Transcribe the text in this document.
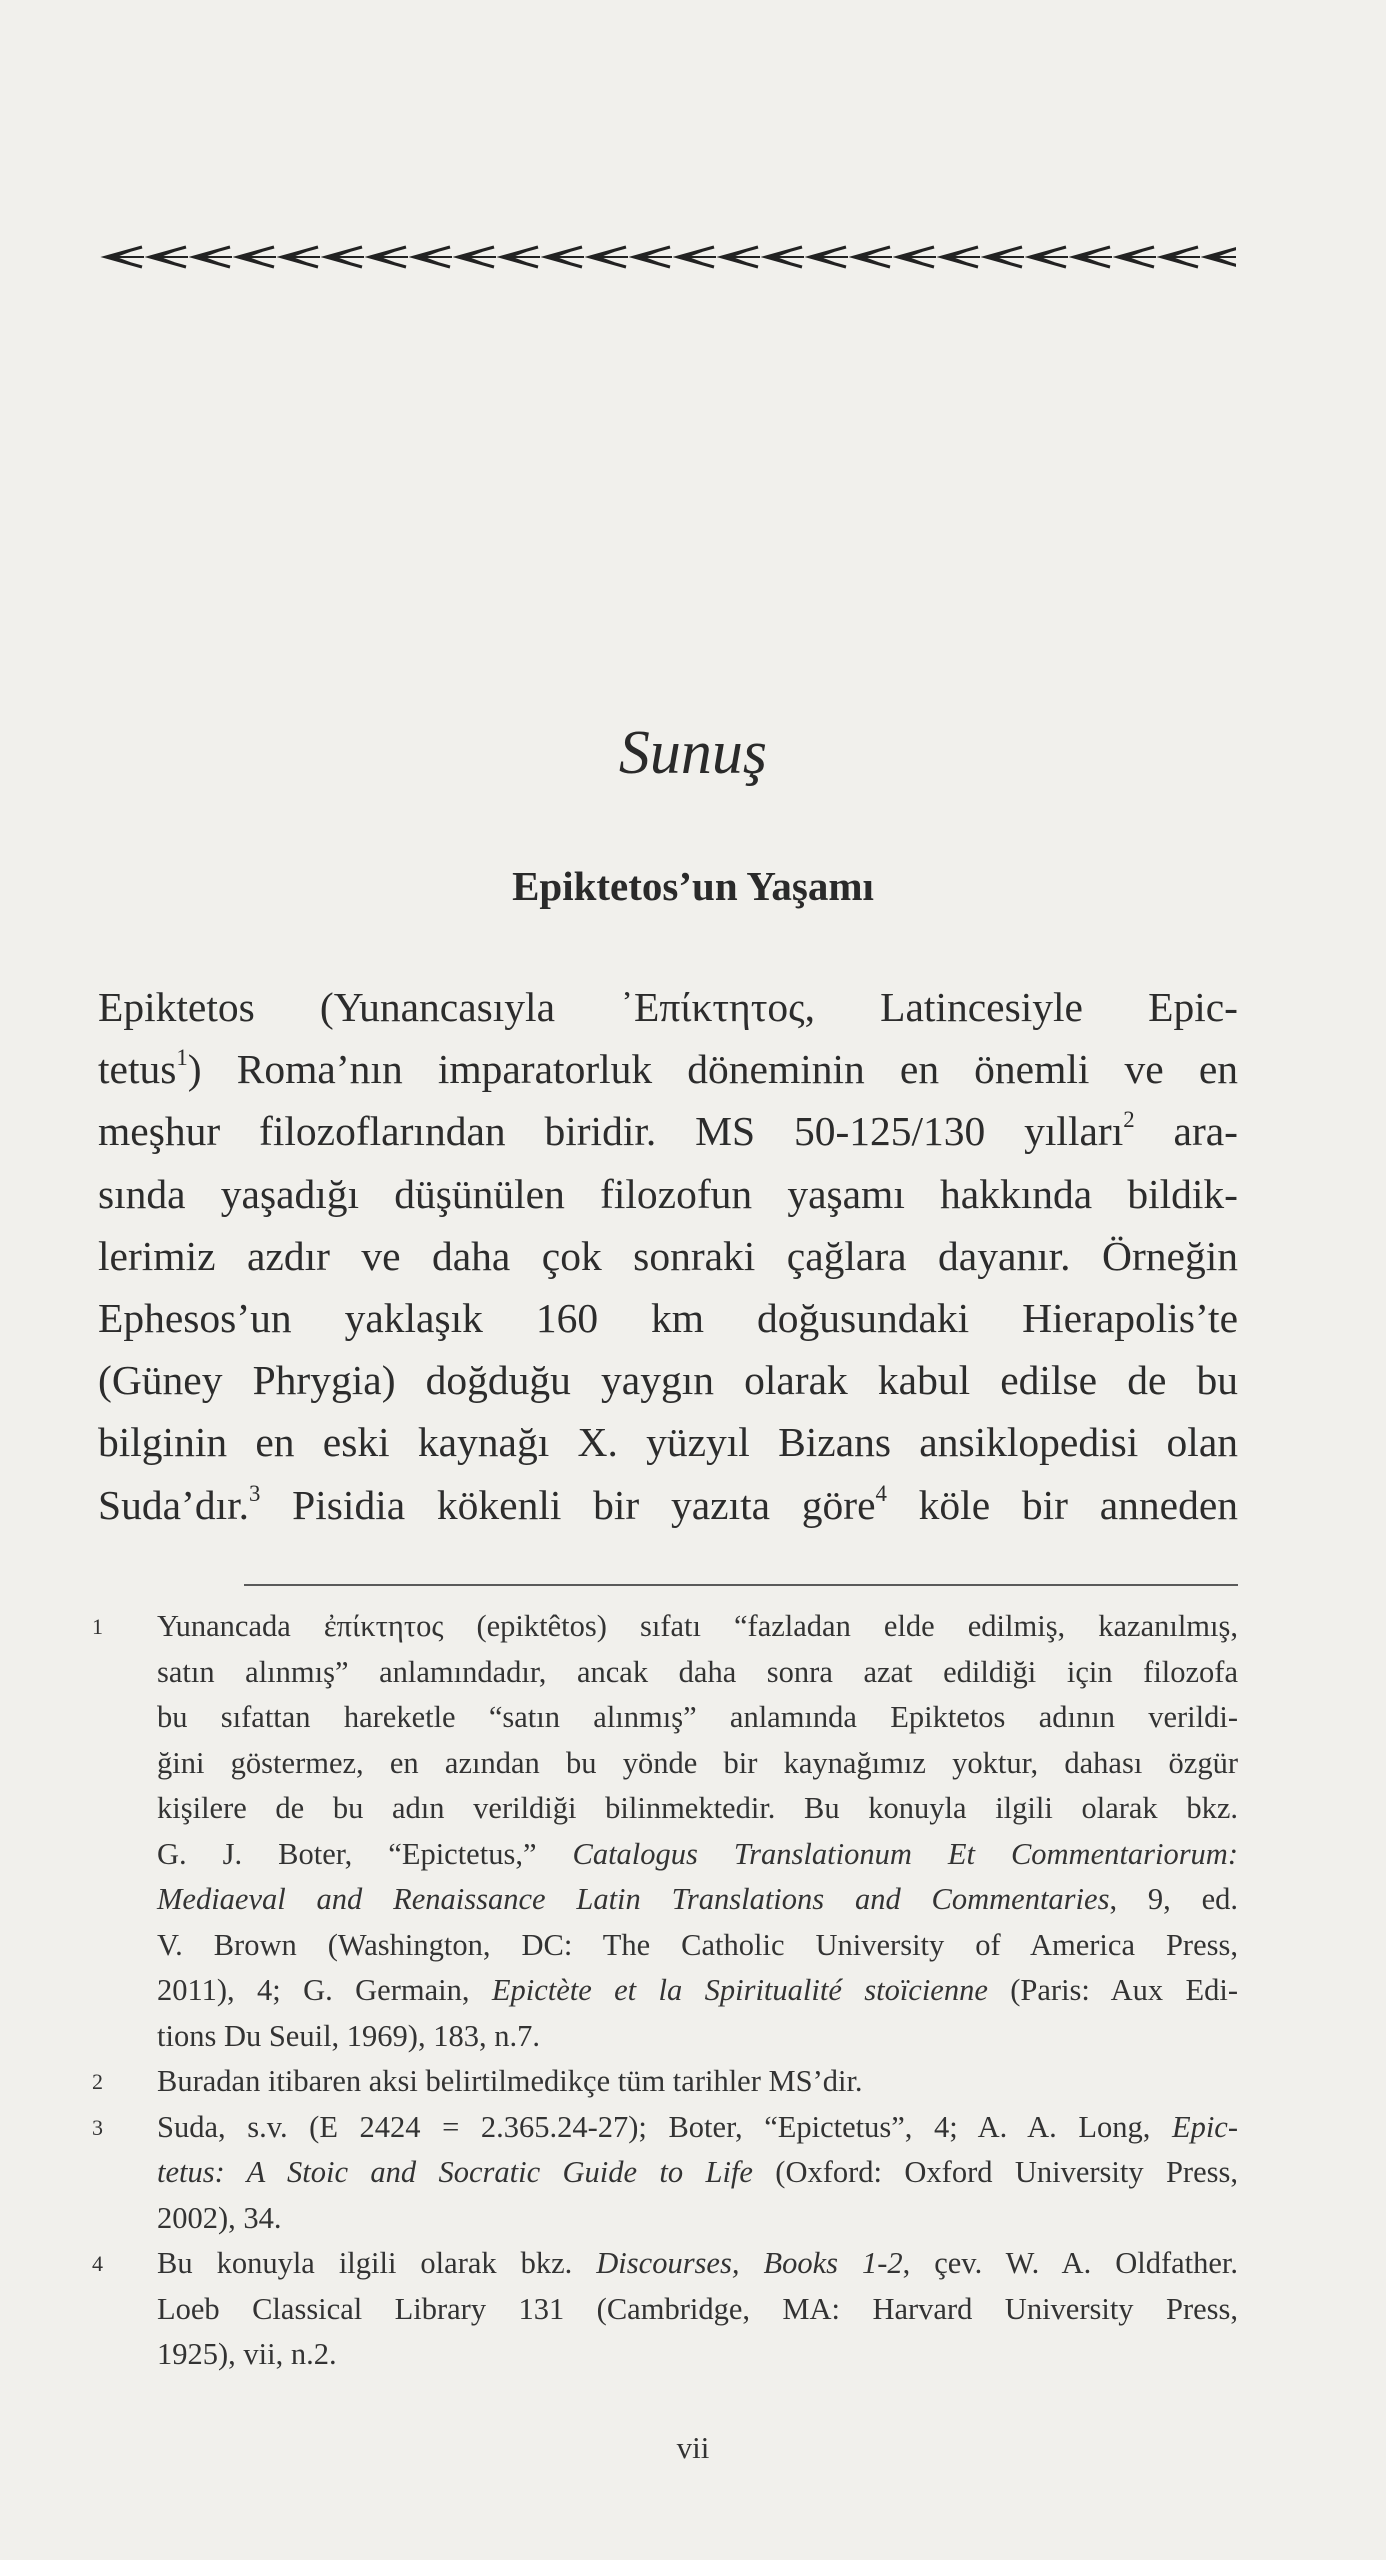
Sunuş
Epiktetos’un Yaşamı
Epiktetos (Yunancasıyla ᾿Επίκτητος, Latincesiyle Epic-
tetus$^1$) Roma’nın imparatorluk döneminin en önemli ve en
meşhur filozoflarından biridir. MS 50-125/130 yılları$^2$ ara-
sında yaşadığı düşünülen filozofun yaşamı hakkında bildik-
lerimiz azdır ve daha çok sonraki çağlara dayanır. Örneğin
Ephesos’un yaklaşık 160 km doğusundaki Hierapolis’te
(Güney Phrygia) doğduğu yaygın olarak kabul edilse de bu
bilginin en eski kaynağı X. yüzyıl Bizans ansiklopedisi olan
Suda’dır.$^3$ Pisidia kökenli bir yazıta göre$^4$ köle bir anneden
1	Yunancada ἐπίκτητος (epiktêtos) sıfatı “fazladan elde edilmiş, kazanılmış,
satın alınmış” anlamındadır, ancak daha sonra azat edildiği için filozofa
bu sıfattan hareketle “satın alınmış” anlamında Epiktetos adının verildi-
ğini göstermez, en azından bu yönde bir kaynağımız yoktur, dahası özgür
kişilere de bu adın verildiği bilinmektedir. Bu konuyla ilgili olarak bkz.
G. J. Boter, “Epictetus,” Catalogus Translationum Et Commentariorum:
Mediaeval and Renaissance Latin Translations and Commentaries, 9, ed.
V. Brown (Washington, DC: The Catholic University of America Press,
2011), 4; G. Germain, Epictète et la Spiritualité stoïcienne (Paris: Aux Edi-
tions Du Seuil, 1969), 183, n.7.
2	Buradan itibaren aksi belirtilmedikçe tüm tarihler MS’dir.
3	Suda, s.v. (E 2424 = 2.365.24-27); Boter, “Epictetus”, 4; A. A. Long, Epic-
tetus: A Stoic and Socratic Guide to Life (Oxford: Oxford University Press,
2002), 34.
4	Bu konuyla ilgili olarak bkz. Discourses, Books 1-2, çev. W. A. Oldfather.
Loeb Classical Library 131 (Cambridge, MA: Harvard University Press,
1925), vii, n.2.
vii
